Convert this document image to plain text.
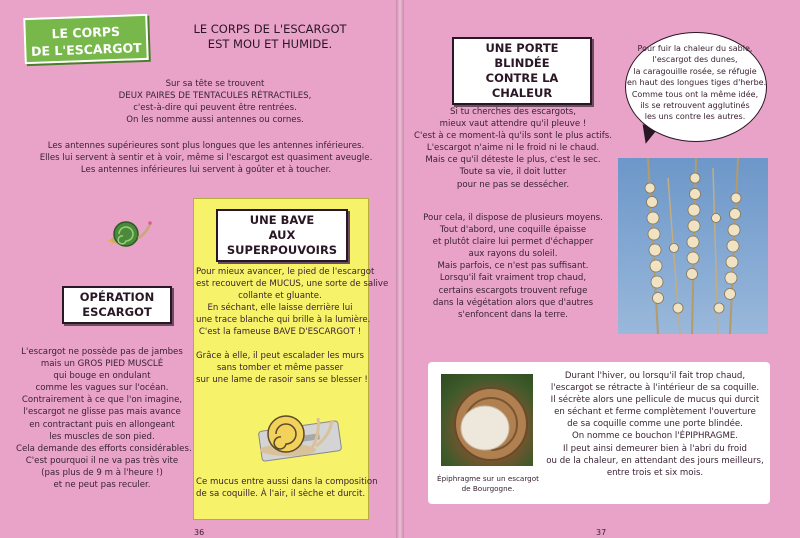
LE CORPS
DE L'ESCARGOT
LE CORPS DE L'ESCARGOT
EST MOU ET HUMIDE.
Sur sa tête se trouvent
DEUX PAIRES DE TENTACULES RÉTRACTILES,
c'est-à-dire qui peuvent être rentrées.
On les nomme aussi antennes ou cornes.
Les antennes supérieures sont plus longues que les antennes inférieures.
Elles lui servent à sentir et à voir, même si l'escargot est quasiment aveugle.
Les antennes inférieures lui servent à goûter et à toucher.
OPÉRATION
ESCARGOT
L'escargot ne possède pas de jambes
mais un GROS PIED MUSCLÉ
qui bouge en ondulant
comme les vagues sur l'océan.
Contrairement à ce que l'on imagine,
l'escargot ne glisse pas mais avance
en contractant puis en allongeant
les muscles de son pied.
Cela demande des efforts considérables.
C'est pourquoi il ne va pas très vite
(pas plus de 9 m à l'heure !)
et ne peut pas reculer.
UNE BAVE
AUX SUPERPOUVOIRS
Pour mieux avancer, le pied de l'escargot
est recouvert de MUCUS, une sorte de salive
collante et gluante.
En séchant, elle laisse derrière lui
une trace blanche qui brille à la lumière.
C'est la fameuse BAVE D'ESCARGOT !
Grâce à elle, il peut escalader les murs
sans tomber et même passer
sur une lame de rasoir sans se blesser !
Ce mucus entre aussi dans la composition
de sa coquille. À l'air, il sèche et durcit.
36
UNE PORTE BLINDÉE
CONTRE LA CHALEUR
Si tu cherches des escargots,
mieux vaut attendre qu'il pleuve !
C'est à ce moment-là qu'ils sont le plus actifs.
L'escargot n'aime ni le froid ni le chaud.
Mais ce qu'il déteste le plus, c'est le sec.
Toute sa vie, il doit lutter
pour ne pas se dessécher.
Pour cela, il dispose de plusieurs moyens.
Tout d'abord, une coquille épaisse
et plutôt claire lui permet d'échapper
aux rayons du soleil.
Mais parfois, ce n'est pas suffisant.
Lorsqu'il fait vraiment trop chaud,
certains escargots trouvent refuge
dans la végétation alors que d'autres
s'enfoncent dans la terre.
Pour fuir la chaleur du sable,
l'escargot des dunes,
la caragouille rosée, se réfugie
en haut des longues tiges d'herbe.
Comme tous ont la même idée,
ils se retrouvent agglutinés
les uns contre les autres.
Épiphragme sur un escargot
de Bourgogne.
Durant l'hiver, ou lorsqu'il fait trop chaud,
l'escargot se rétracte à l'intérieur de sa coquille.
Il sécrète alors une pellicule de mucus qui durcit
en séchant et ferme complètement l'ouverture
de sa coquille comme une porte blindée.
On nomme ce bouchon l'ÉPIPHRAGME.
Il peut ainsi demeurer bien à l'abri du froid
ou de la chaleur, en attendant des jours meilleurs,
entre trois et six mois.
37
